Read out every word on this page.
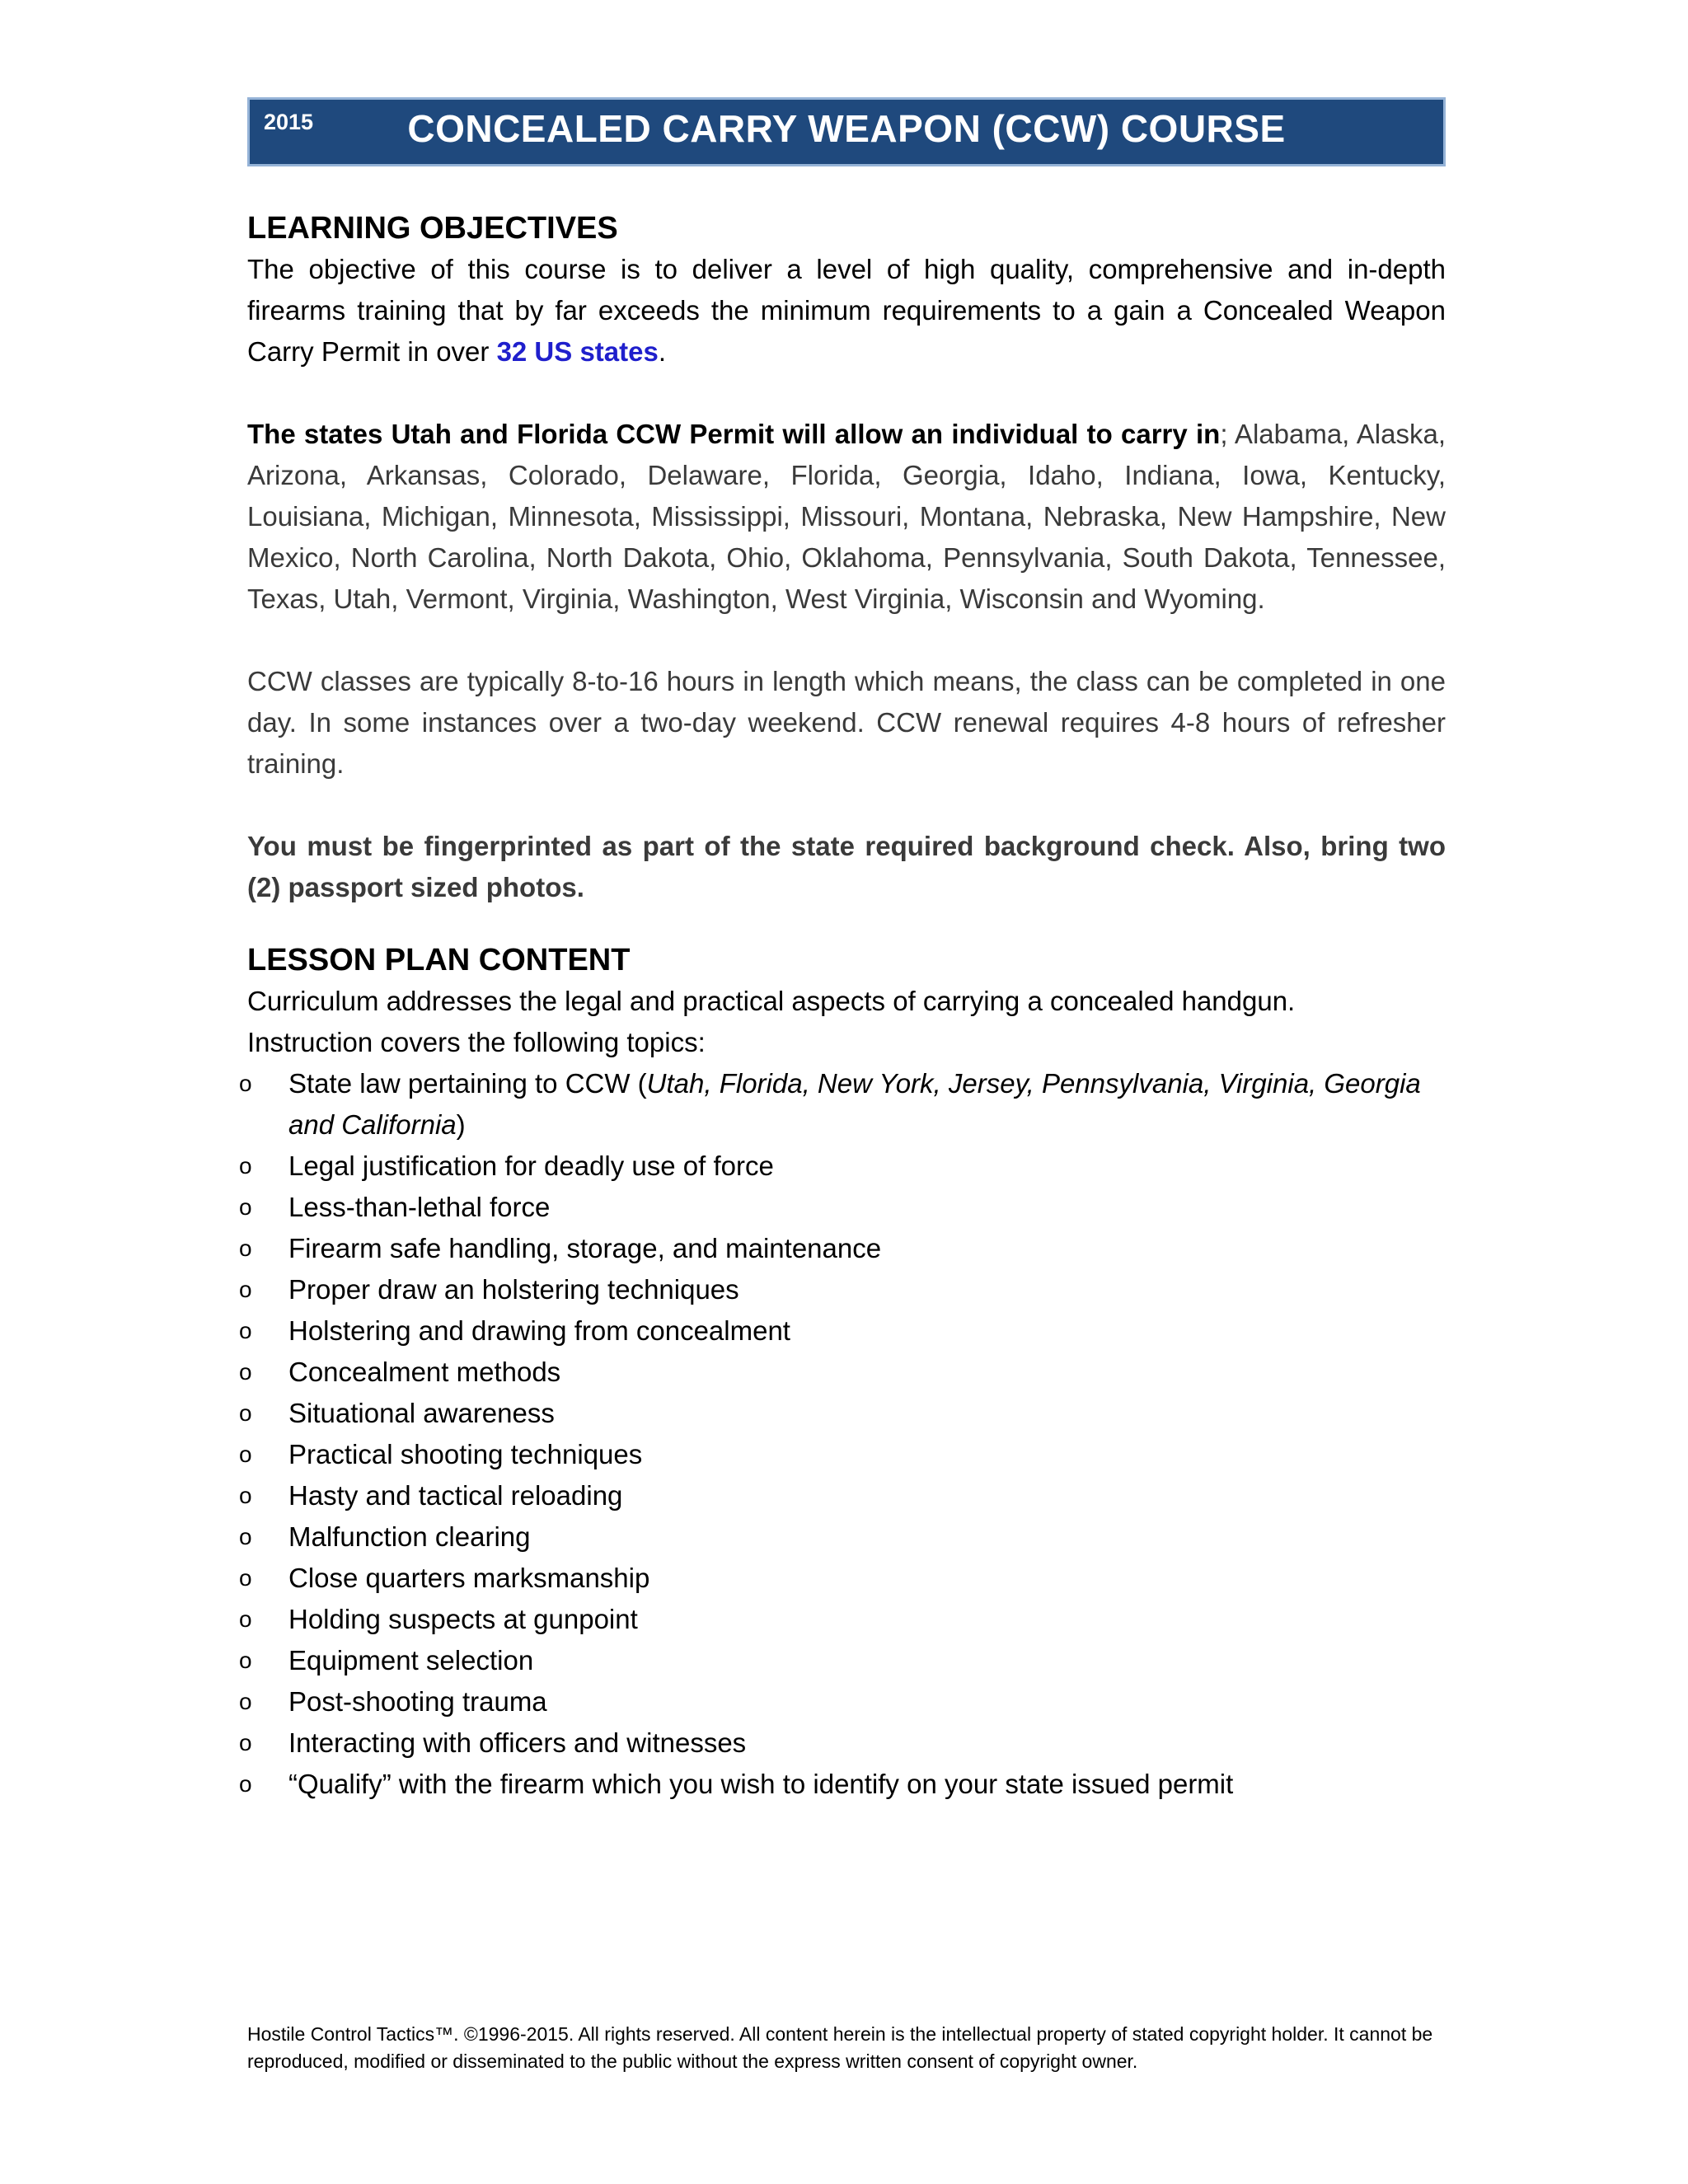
2015	CONCEALED CARRY WEAPON (CCW) COURSE
LEARNING OBJECTIVES

The objective of this course is to deliver a level of high quality, comprehensive and in-depth firearms training that by far exceeds the minimum requirements to a gain a Concealed Weapon Carry Permit in over 32 US states.

The states Utah and Florida CCW Permit will allow an individual to carry in; Alabama, Alaska, Arizona, Arkansas, Colorado, Delaware, Florida, Georgia, Idaho, Indiana, Iowa, Kentucky, Louisiana, Michigan, Minnesota, Mississippi, Missouri, Montana, Nebraska, New Hampshire, New Mexico, North Carolina, North Dakota, Ohio, Oklahoma, Pennsylvania, South Dakota, Tennessee, Texas, Utah, Vermont, Virginia, Washington, West Virginia, Wisconsin and Wyoming.

CCW classes are typically 8-to-16 hours in length which means, the class can be completed in one day. In some instances over a two-day weekend. CCW renewal requires 4-8 hours of refresher training.

You must be fingerprinted as part of the state required background check. Also, bring two (2) passport sized photos.

LESSON PLAN CONTENT

Curriculum addresses the legal and practical aspects of carrying a concealed handgun.

Instruction covers the following topics:

o State law pertaining to CCW (Utah, Florida, New York, Jersey, Pennsylvania, Virginia, Georgia and California)
o Legal justification for deadly use of force
o Less-than-lethal force
o Firearm safe handling, storage, and maintenance
o Proper draw an holstering techniques
o Holstering and drawing from concealment
o Concealment methods
o Situational awareness
o Practical shooting techniques
o Hasty and tactical reloading
o Malfunction clearing
o Close quarters marksmanship
o Holding suspects at gunpoint
o Equipment selection
o Post-shooting trauma
o Interacting with officers and witnesses
o “Qualify” with the firearm which you wish to identify on your state issued permit
Hostile Control Tactics™. ©1996-2015. All rights reserved. All content herein is the intellectual property of stated copyright holder. It cannot be reproduced, modified or disseminated to the public without the express written consent of copyright owner.
